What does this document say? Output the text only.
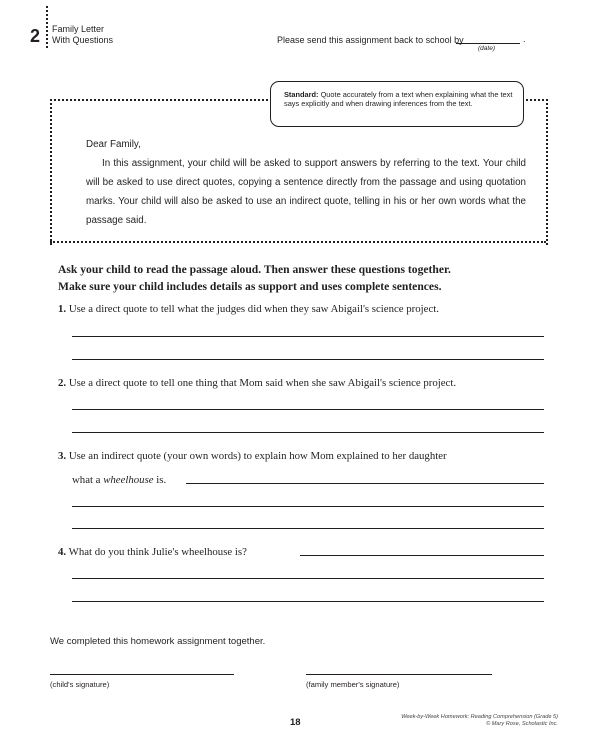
2 Family Letter
With Questions	Please send this assignment back to school by	.
(date)
Standard: Quote accurately from a text when explaining what the text says explicitly and when drawing inferences from the text.
Dear Family,
In this assignment, your child will be asked to support answers by referring to the text. Your child will be asked to use direct quotes, copying a sentence directly from the passage and using quotation marks. Your child will also be asked to use an indirect quote, telling in his or her own words what the passage said.
Ask your child to read the passage aloud. Then answer these questions together.
Make sure your child includes details as support and uses complete sentences.
1. Use a direct quote to tell what the judges did when they saw Abigail's science project.
2. Use a direct quote to tell one thing that Mom said when she saw Abigail's science project.
3. Use an indirect quote (your own words) to explain how Mom explained to her daughter
what a wheelhouse is.
4. What do you think Julie's wheelhouse is?
We completed this homework assignment together.
(child's signature)	(family member's signature)
18	Week-by-Week Homework: Reading Comprehension (Grade 5)
© Mary Rose, Scholastic Inc.
